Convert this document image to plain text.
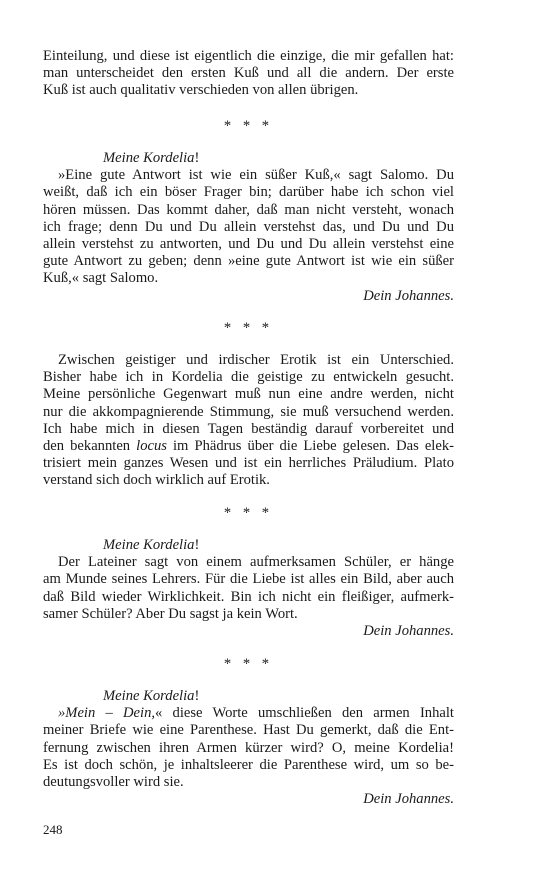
Einteilung, und diese ist eigentlich die einzige, die mir gefallen hat:

man unterscheidet den ersten Kuß und all die andern. Der erste

Kuß ist auch qualitativ verschieden von allen übrigen.

* * *

Meine Kordelia!

»Eine gute Antwort ist wie ein süßer Kuß,« sagt Salomo. Du

weißt, daß ich ein böser Frager bin; darüber habe ich schon viel

hören müssen. Das kommt daher, daß man nicht versteht, wonach

ich frage; denn Du und Du allein verstehst das, und Du und Du

allein verstehst zu antworten, und Du und Du allein verstehst eine

gute Antwort zu geben; denn »eine gute Antwort ist wie ein süßer

Kuß,« sagt Salomo.

Dein Johannes.

* * *

Zwischen geistiger und irdischer Erotik ist ein Unterschied.

Bisher habe ich in Kordelia die geistige zu entwickeln gesucht.

Meine persönliche Gegenwart muß nun eine andre werden, nicht

nur die akkompagnierende Stimmung, sie muß versuchend werden.

Ich habe mich in diesen Tagen beständig darauf vorbereitet und

den bekannten locus im Phädrus über die Liebe gelesen. Das elek-

trisiert mein ganzes Wesen und ist ein herrliches Präludium. Plato

verstand sich doch wirklich auf Erotik.

* * *

Meine Kordelia!

Der Lateiner sagt von einem aufmerksamen Schüler, er hänge

am Munde seines Lehrers. Für die Liebe ist alles ein Bild, aber auch

daß Bild wieder Wirklichkeit. Bin ich nicht ein fleißiger, aufmerk-

samer Schüler? Aber Du sagst ja kein Wort.

Dein Johannes.

* * *

Meine Kordelia!

»Mein – Dein,« diese Worte umschließen den armen Inhalt

meiner Briefe wie eine Parenthese. Hast Du gemerkt, daß die Ent-

fernung zwischen ihren Armen kürzer wird? O, meine Kordelia!

Es ist doch schön, je inhaltsleerer die Parenthese wird, um so be-

deutungsvoller wird sie.

Dein Johannes.

248
